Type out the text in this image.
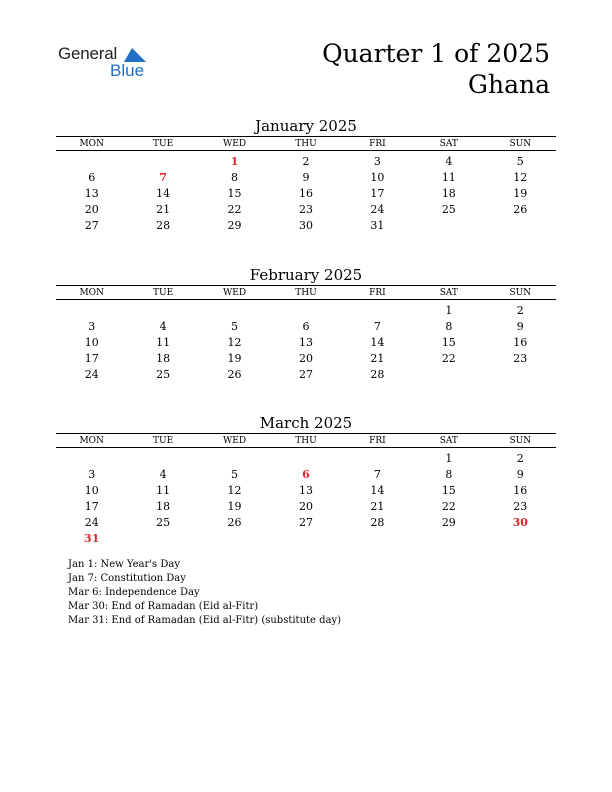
General
Blue
Quarter 1 of 2025
Ghana
January 2025
MON	TUE	WED	THU	FRI	SAT	SUN

		1	2	3	4	5
6	7	8	9	10	11	12
13	14	15	16	17	18	19
20	21	22	23	24	25	26
27	28	29	30	31		
February 2025
MON	TUE	WED	THU	FRI	SAT	SUN

					1	2
3	4	5	6	7	8	9
10	11	12	13	14	15	16
17	18	19	20	21	22	23
24	25	26	27	28		
March 2025
MON	TUE	WED	THU	FRI	SAT	SUN

					1	2
3	4	5	6	7	8	9
10	11	12	13	14	15	16
17	18	19	20	21	22	23
24	25	26	27	28	29	30
31						
Jan 1: New Year's Day
Jan 7: Constitution Day
Mar 6: Independence Day
Mar 30: End of Ramadan (Eid al-Fitr)
Mar 31: End of Ramadan (Eid al-Fitr) (substitute day)
